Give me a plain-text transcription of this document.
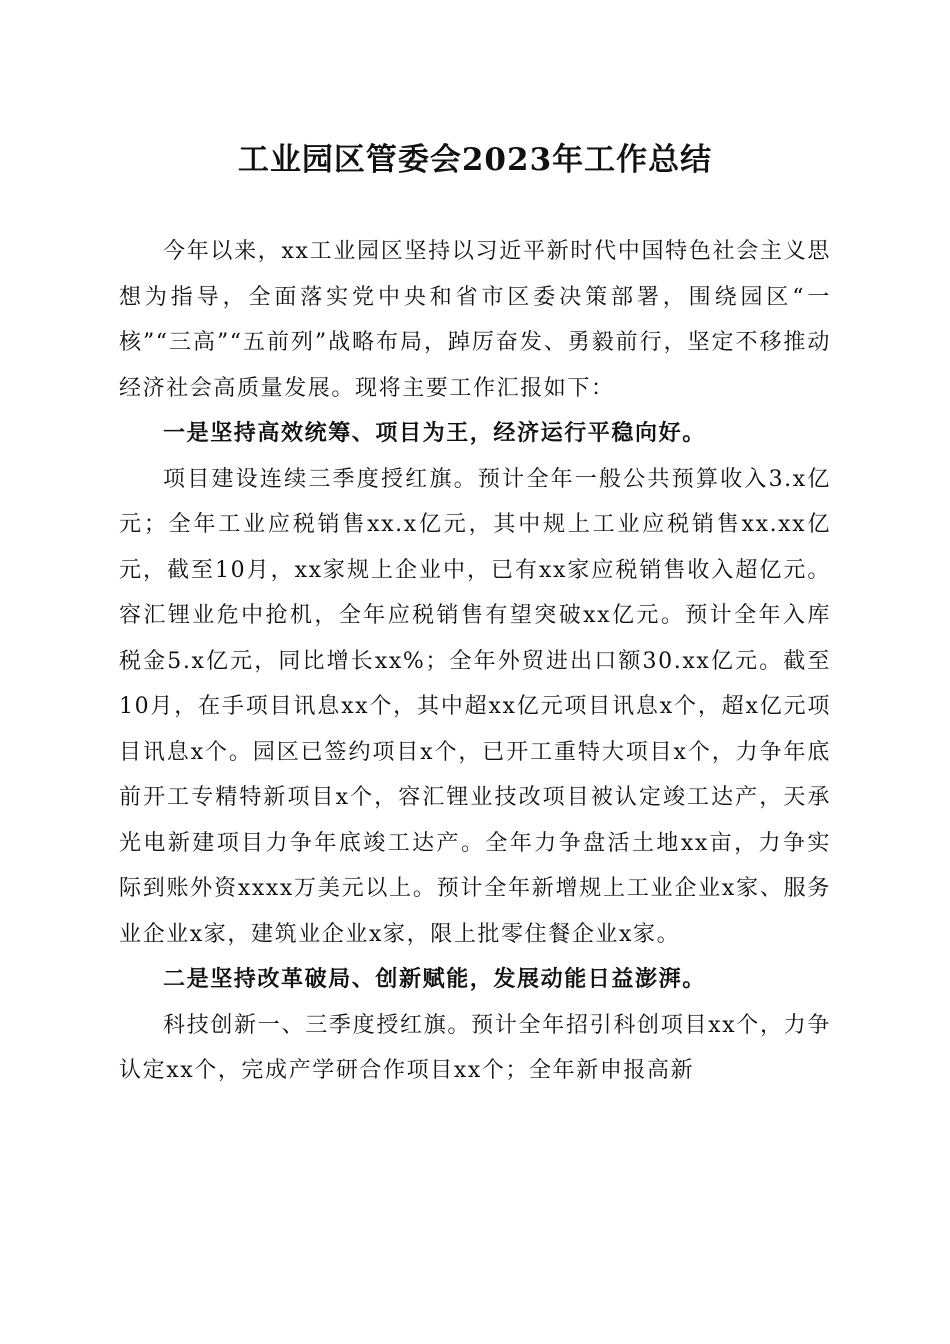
工业园区管委会2023年工作总结

今年以来，xx工业园区坚持以习近平新时代中国特色社会主义思想为指导，全面落实党中央和省市区委决策部署，围绕园区“一核”“三高”“五前列”战略布局，踔厉奋发、勇毅前行，坚定不移推动经济社会高质量发展。现将主要工作汇报如下：

一是坚持高效统筹、项目为王，经济运行平稳向好。

项目建设连续三季度授红旗。预计全年一般公共预算收入3.x亿元；全年工业应税销售xx.x亿元，其中规上工业应税销售xx.xx亿元，截至10月，xx家规上企业中，已有xx家应税销售收入超亿元。容汇锂业危中抢机，全年应税销售有望突破xx亿元。预计全年入库税金5.x亿元，同比增长xx%；全年外贸进出口额30.xx亿元。截至10月，在手项目讯息xx个，其中超xx亿元项目讯息x个，超x亿元项目讯息x个。园区已签约项目x个，已开工重特大项目x个，力争年底前开工专精特新项目x个，容汇锂业技改项目被认定竣工达产，天承光电新建项目力争年底竣工达产。全年力争盘活土地xx亩，力争实际到账外资xxxx万美元以上。预计全年新增规上工业企业x家、服务业企业x家，建筑业企业x家，限上批零住餐企业x家。

二是坚持改革破局、创新赋能，发展动能日益澎湃。

科技创新一、三季度授红旗。预计全年招引科创项目xx个，力争认定xx个，完成产学研合作项目xx个；全年新申报高新
